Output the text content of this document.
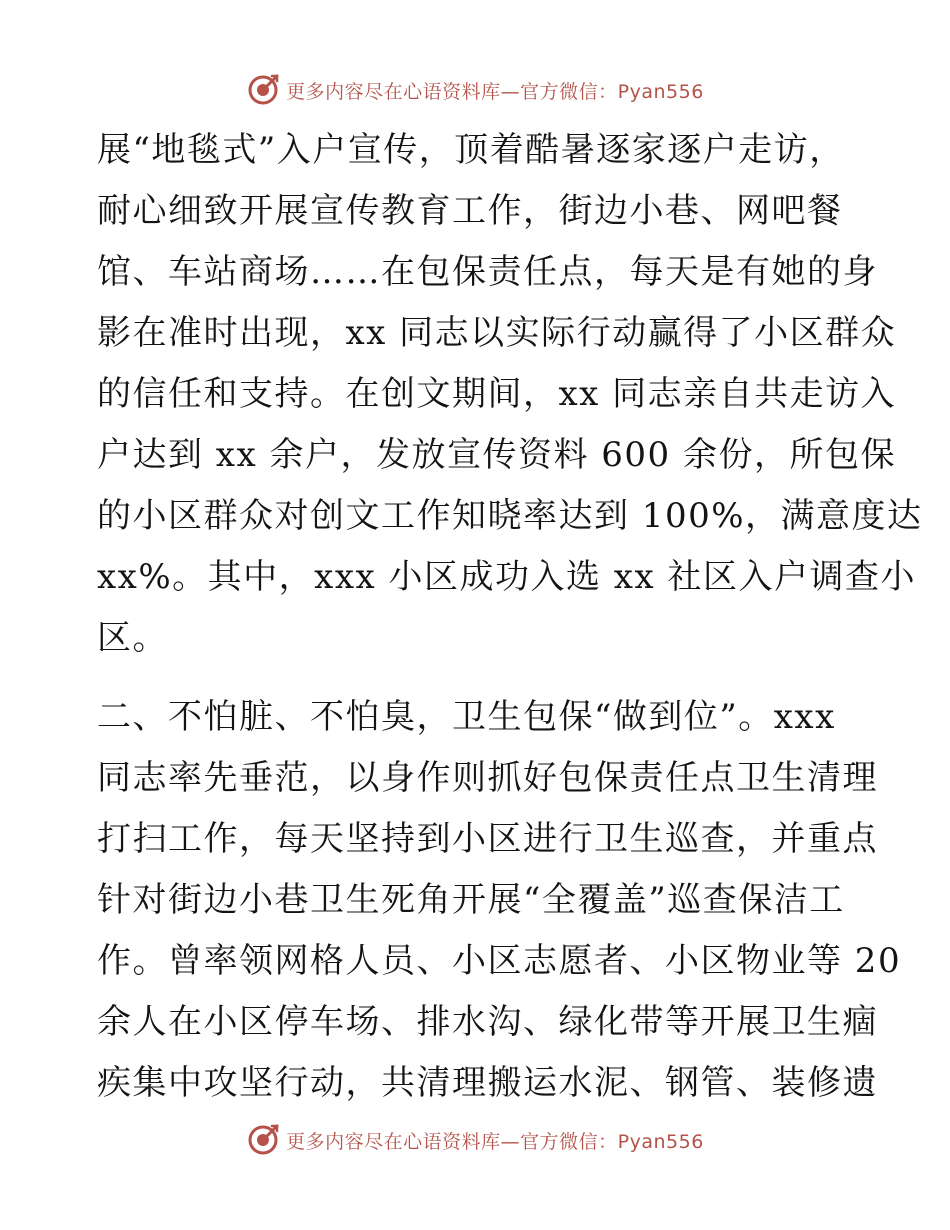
更多内容尽在心语资料库—官方微信：Pyan556
展“地毯式”入户宣传，顶着酷暑逐家逐户走访，
耐心细致开展宣传教育工作，街边小巷、网吧餐
馆、车站商场……在包保责任点，每天是有她的身
影在准时出现，xx 同志以实际行动赢得了小区群众
的信任和支持。在创文期间，xx 同志亲自共走访入
户达到 xx 余户，发放宣传资料 600 余份，所包保
的小区群众对创文工作知晓率达到 100%，满意度达
xx%。其中，xxx 小区成功入选 xx 社区入户调查小
区。
二、不怕脏、不怕臭，卫生包保“做到位”。xxx
同志率先垂范，以身作则抓好包保责任点卫生清理
打扫工作，每天坚持到小区进行卫生巡查，并重点
针对街边小巷卫生死角开展“全覆盖”巡查保洁工
作。曾率领网格人员、小区志愿者、小区物业等 20
余人在小区停车场、排水沟、绿化带等开展卫生痼
疾集中攻坚行动，共清理搬运水泥、钢管、装修遗
更多内容尽在心语资料库—官方微信：Pyan556
